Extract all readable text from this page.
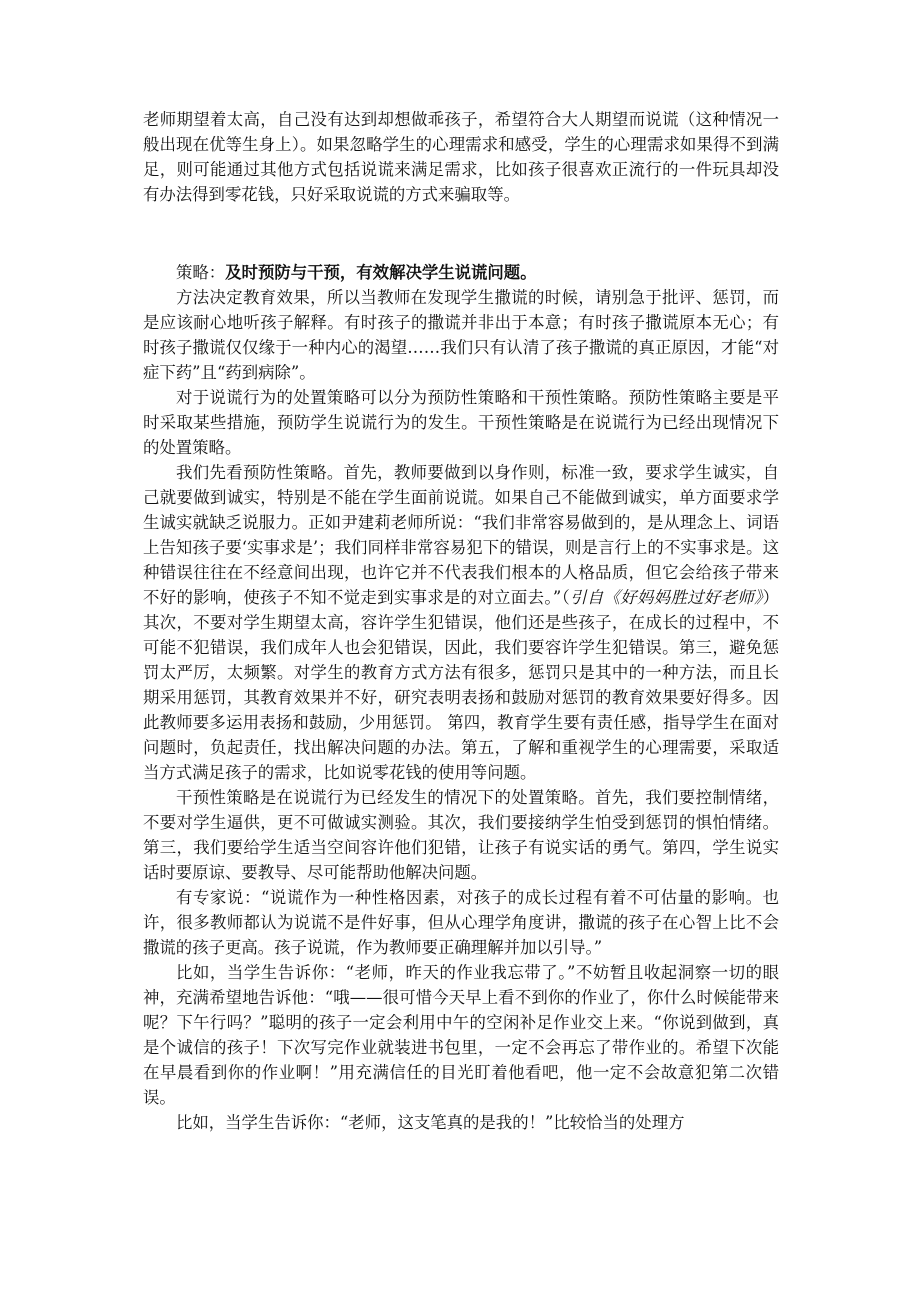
老师期望着太高，自己没有达到却想做乖孩子，希望符合大人期望而说谎（这种情况一般出现在优等生身上）。如果忽略学生的心理需求和感受，学生的心理需求如果得不到满足，则可能通过其他方式包括说谎来满足需求，比如孩子很喜欢正流行的一件玩具却没有办法得到零花钱，只好采取说谎的方式来骗取等。

策略：及时预防与干预，有效解决学生说谎问题。

方法决定教育效果，所以当教师在发现学生撒谎的时候，请别急于批评、惩罚，而是应该耐心地听孩子解释。有时孩子的撒谎并非出于本意；有时孩子撒谎原本无心；有时孩子撒谎仅仅缘于一种内心的渴望……我们只有认清了孩子撒谎的真正原因，才能“对症下药”且“药到病除”。

对于说谎行为的处置策略可以分为预防性策略和干预性策略。预防性策略主要是平时采取某些措施，预防学生说谎行为的发生。干预性策略是在说谎行为已经出现情况下的处置策略。

我们先看预防性策略。首先，教师要做到以身作则，标准一致，要求学生诚实，自己就要做到诚实，特别是不能在学生面前说谎。如果自己不能做到诚实，单方面要求学生诚实就缺乏说服力。正如尹建莉老师所说：“我们非常容易做到的，是从理念上、词语上告知孩子要‘实事求是’；我们同样非常容易犯下的错误，则是言行上的不实事求是。这种错误往往在不经意间出现，也许它并不代表我们根本的人格品质，但它会给孩子带来不好的影响，使孩子不知不觉走到实事求是的对立面去。”（引自《好妈妈胜过好老师》）其次，不要对学生期望太高，容许学生犯错误，他们还是些孩子，在成长的过程中，不可能不犯错误，我们成年人也会犯错误，因此，我们要容许学生犯错误。第三，避免惩罚太严厉，太频繁。对学生的教育方式方法有很多，惩罚只是其中的一种方法，而且长期采用惩罚，其教育效果并不好，研究表明表扬和鼓励对惩罚的教育效果要好得多。因此教师要多运用表扬和鼓励，少用惩罚。 第四，教育学生要有责任感，指导学生在面对问题时，负起责任，找出解决问题的办法。第五，了解和重视学生的心理需要，采取适当方式满足孩子的需求，比如说零花钱的使用等问题。

干预性策略是在说谎行为已经发生的情况下的处置策略。首先，我们要控制情绪，不要对学生逼供，更不可做诚实测验。其次，我们要接纳学生怕受到惩罚的惧怕情绪。第三，我们要给学生适当空间容许他们犯错，让孩子有说实话的勇气。第四，学生说实话时要原谅、要教导、尽可能帮助他解决问题。

有专家说：“说谎作为一种性格因素，对孩子的成长过程有着不可估量的影响。也许，很多教师都认为说谎不是件好事，但从心理学角度讲，撒谎的孩子在心智上比不会撒谎的孩子更高。孩子说谎，作为教师要正确理解并加以引导。”

比如，当学生告诉你：“老师，昨天的作业我忘带了。”不妨暂且收起洞察一切的眼神，充满希望地告诉他：“哦——很可惜今天早上看不到你的作业了，你什么时候能带来呢？下午行吗？”聪明的孩子一定会利用中午的空闲补足作业交上来。“你说到做到，真是个诚信的孩子！下次写完作业就装进书包里，一定不会再忘了带作业的。希望下次能在早晨看到你的作业啊！”用充满信任的目光盯着他看吧，他一定不会故意犯第二次错误。

比如，当学生告诉你：“老师，这支笔真的是我的！”比较恰当的处理方
